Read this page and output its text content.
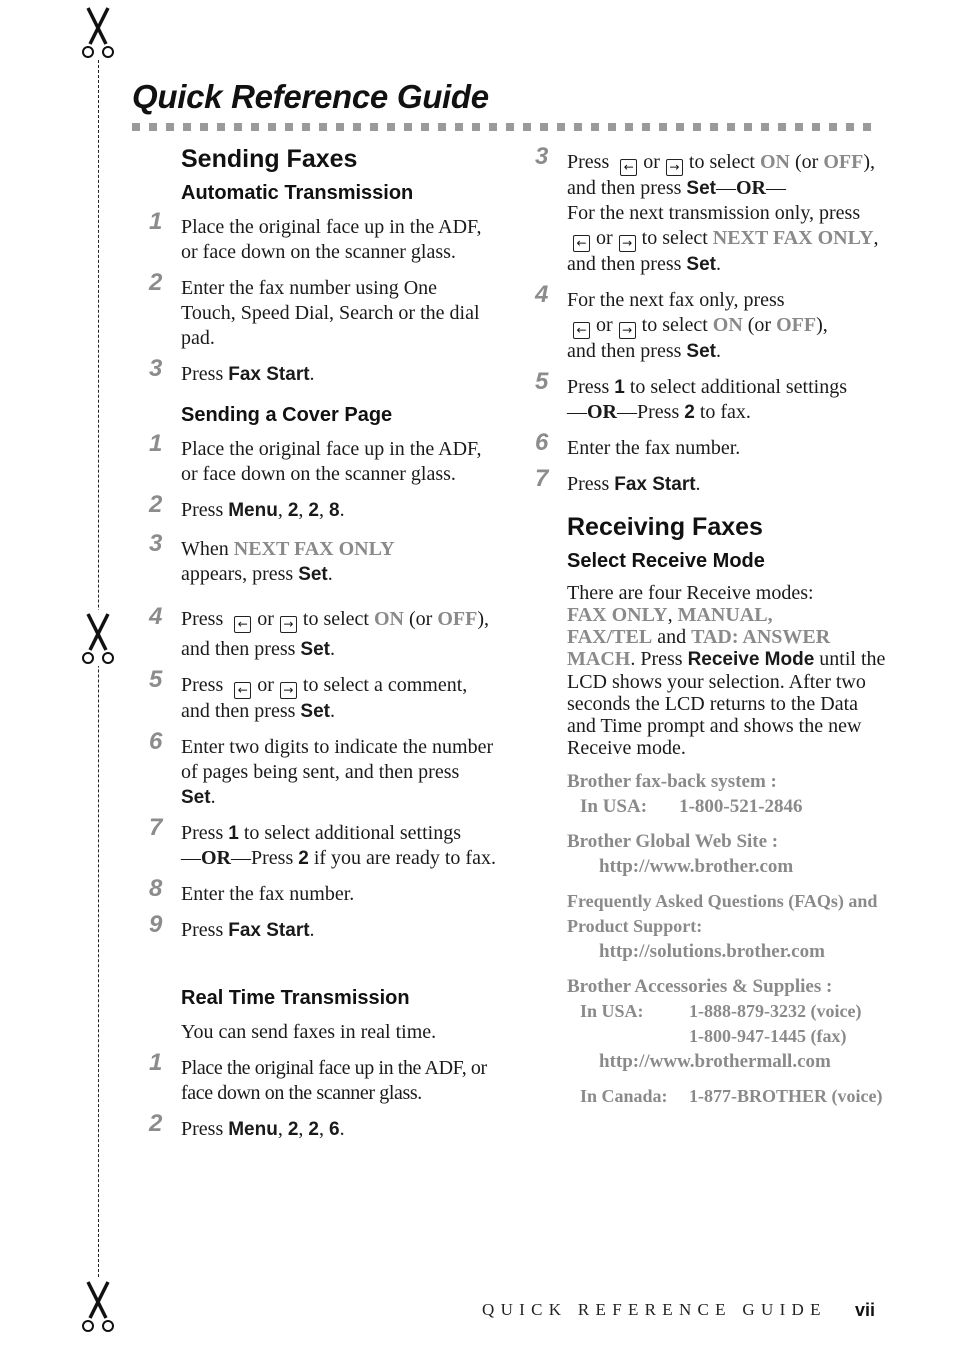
Quick Reference Guide
Sending Faxes
Automatic Transmission
1 Place the original face up in the ADF, or face down on the scanner glass.
2 Enter the fax number using One Touch, Speed Dial, Search or the dial pad.
3 Press Fax Start.
Sending a Cover Page
1 Place the original face up in the ADF, or face down on the scanner glass.
2 Press Menu, 2, 2, 8.
3 When NEXT FAX ONLY
appears, press Set.
4 Press ← or → to select ON (or OFF), and then press Set.
5 Press ← or → to select a comment, and then press Set.
6 Enter two digits to indicate the number of pages being sent, and then press Set.
7 Press 1 to select additional settings
—OR—Press 2 if you are ready to fax.
8 Enter the fax number.
9 Press Fax Start.
Real Time Transmission
You can send faxes in real time.
1 Place the original face up in the ADF, or face down on the scanner glass.
2 Press Menu, 2, 2, 6.
3 Press ← or → to select ON (or OFF), and then press Set—OR—
For the next transmission only, press ← or → to select NEXT FAX ONLY, and then press Set.
4 For the next fax only, press
← or → to select ON (or OFF),
and then press Set.
5 Press 1 to select additional settings
—OR—Press 2 to fax.
6 Enter the fax number.
7 Press Fax Start.
Receiving Faxes
Select Receive Mode
There are four Receive modes:
FAX ONLY, MANUAL,
FAX/TEL and TAD: ANSWER MACH. Press Receive Mode until the LCD shows your selection. After two seconds the LCD returns to the Data and Time prompt and shows the new Receive mode.
Brother fax-back system :
In USA: 1-800-521-2846
Brother Global Web Site :
http://www.brother.com
Frequently Asked Questions (FAQs) and Product Support:
http://solutions.brother.com
Brother Accessories & Supplies :
In USA:	1-888-879-3232 (voice)
1-800-947-1445 (fax)
http://www.brothermall.com
In Canada: 1-877-BROTHER (voice)
QUICK REFERENCE GUIDE vii
